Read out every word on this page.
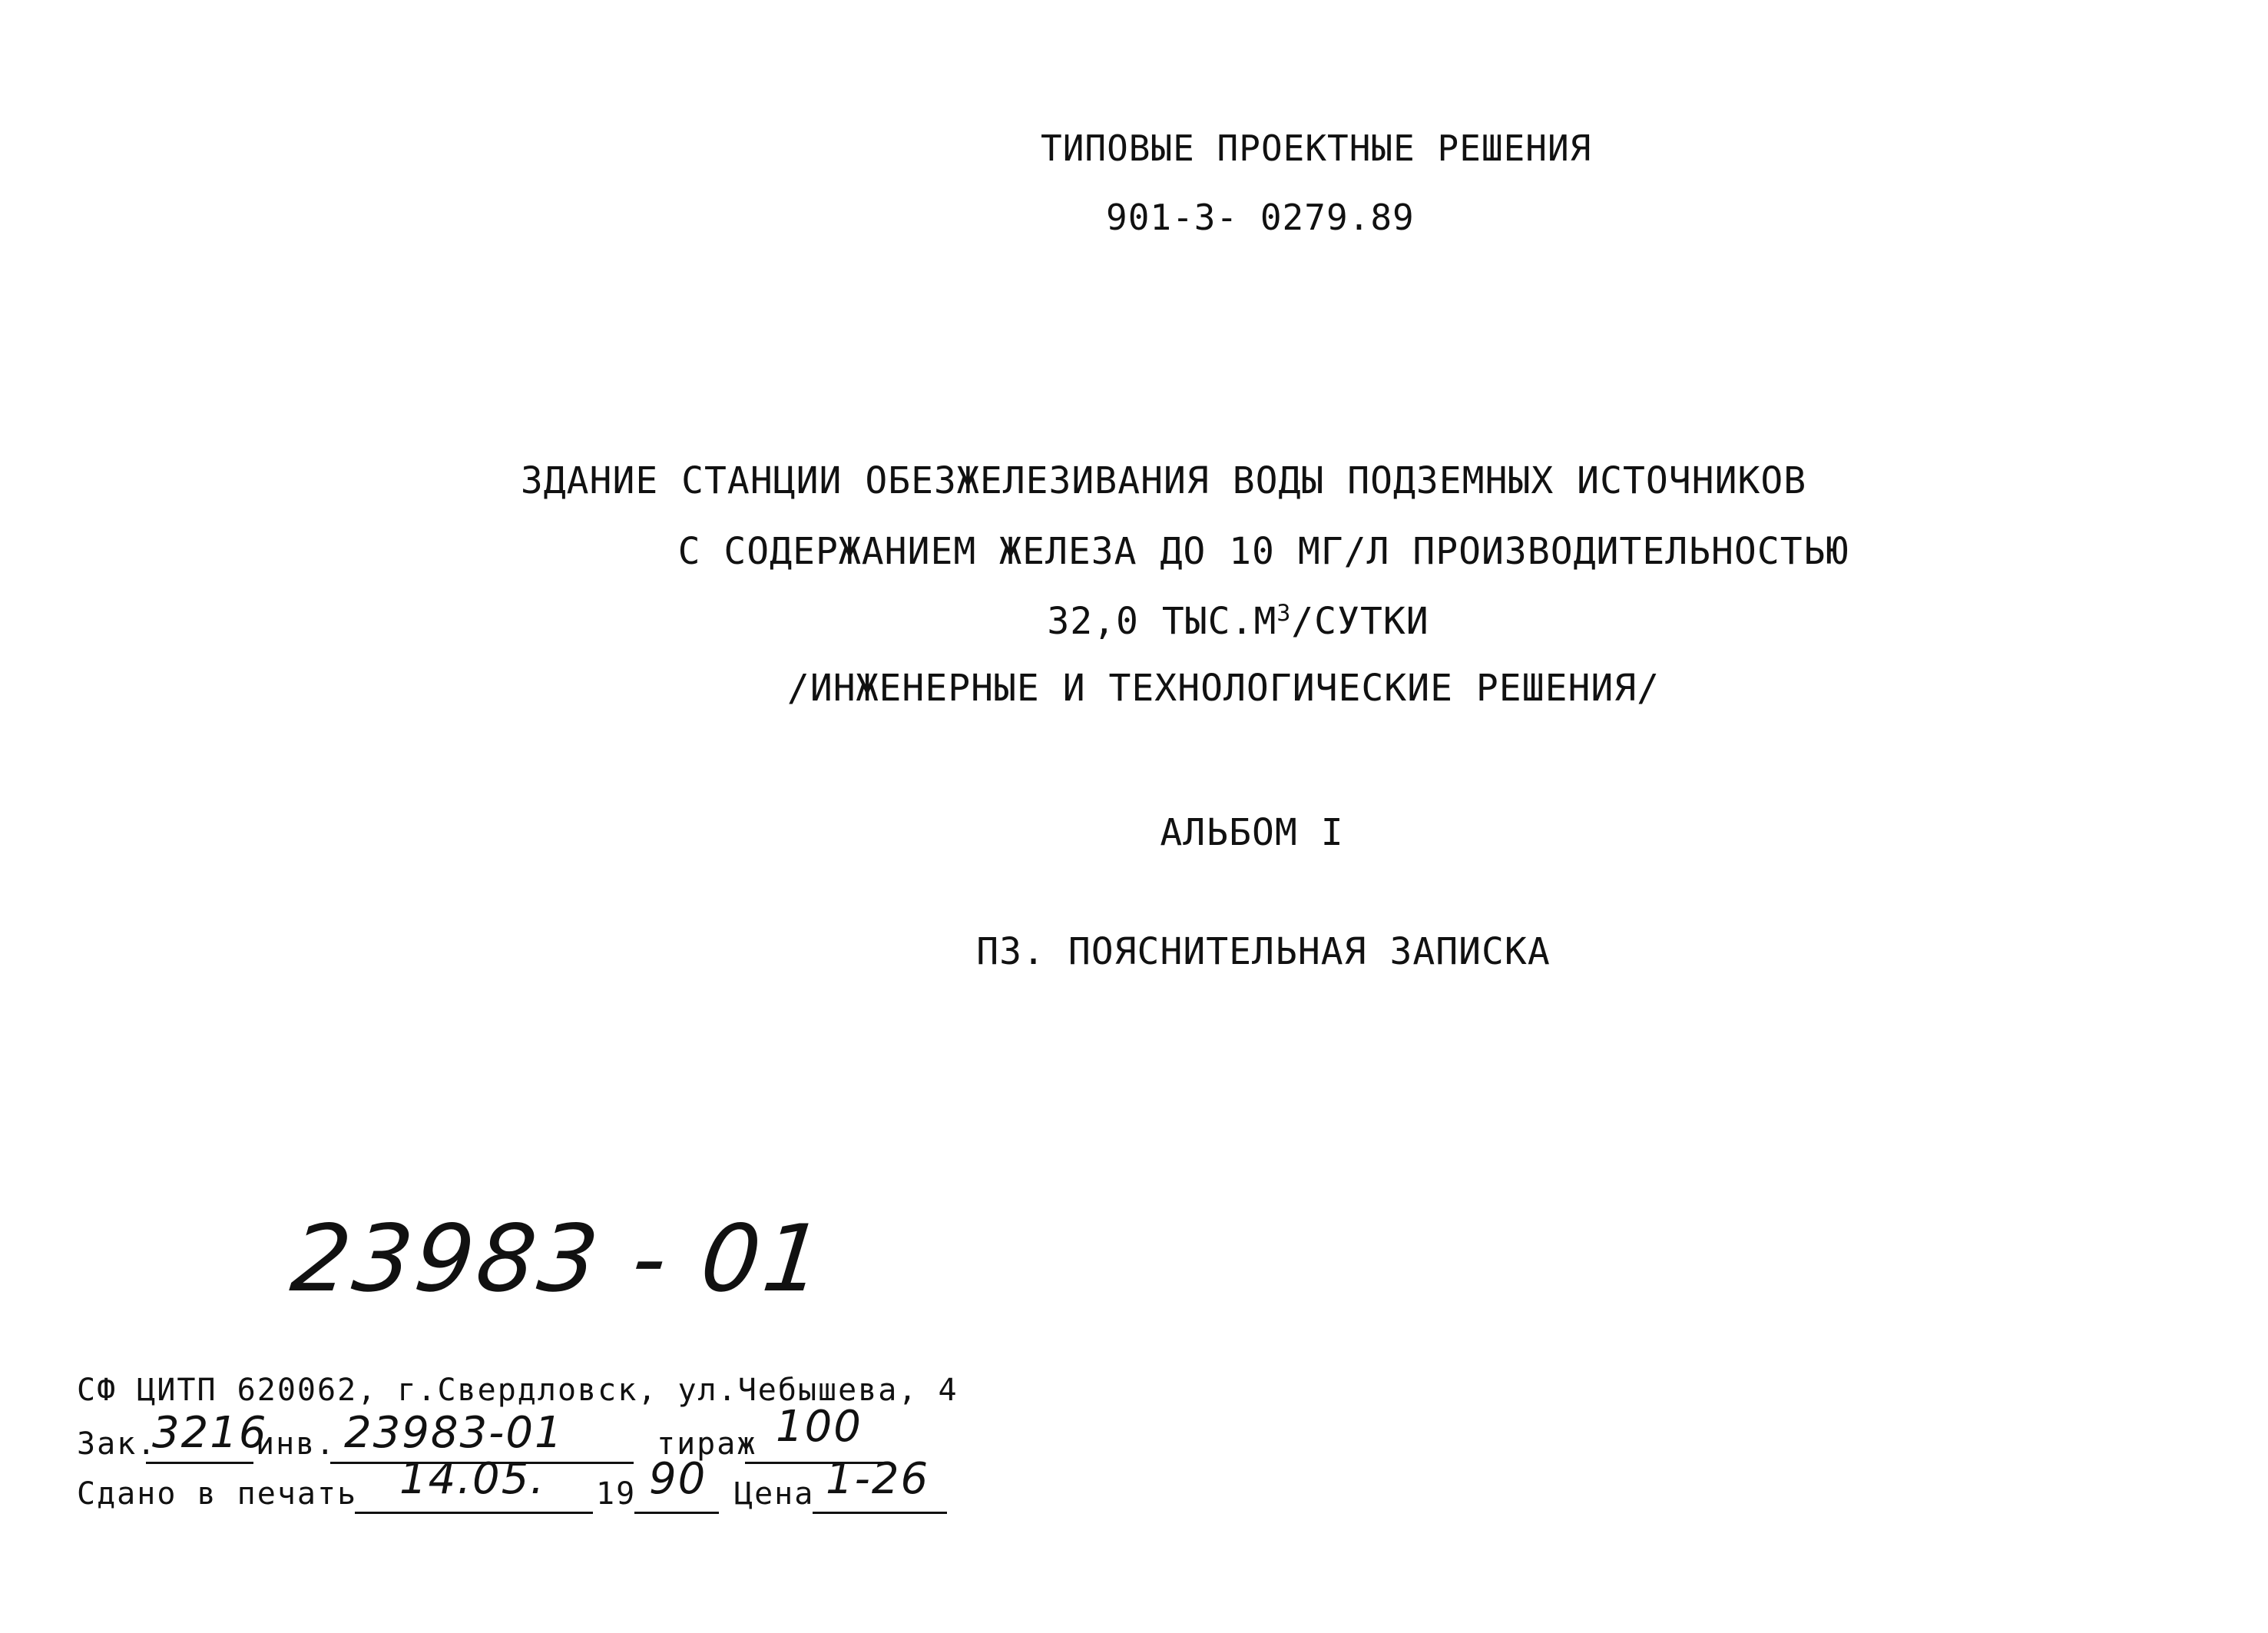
ТИПОВЫЕ ПРОЕКТНЫЕ РЕШЕНИЯ
901-3- 0279.89
ЗДАНИЕ СТАНЦИИ ОБЕЗЖЕЛЕЗИВАНИЯ ВОДЫ ПОДЗЕМНЫХ ИСТОЧНИКОВ
С СОДЕРЖАНИЕМ ЖЕЛЕЗА ДО 10 МГ/Л ПРОИЗВОДИТЕЛЬНОСТЬЮ
32,0 $ТЫС.М^3$/СУТКИ
/ИНЖЕНЕРНЫЕ И ТЕХНОЛОГИЧЕСКИЕ РЕШЕНИЯ/
АЛЬБОМ I
ПЗ. ПОЯСНИТЕЛЬНАЯ ЗАПИСКА
23983 - 01
СФ ЦИТП 620062, г.Свердловск, ул.Чебышева, 4
Зак.
3216
инв. 23983-01	тираж 100
Сдано в печать 14.05. 19 90 Цена 1-26
